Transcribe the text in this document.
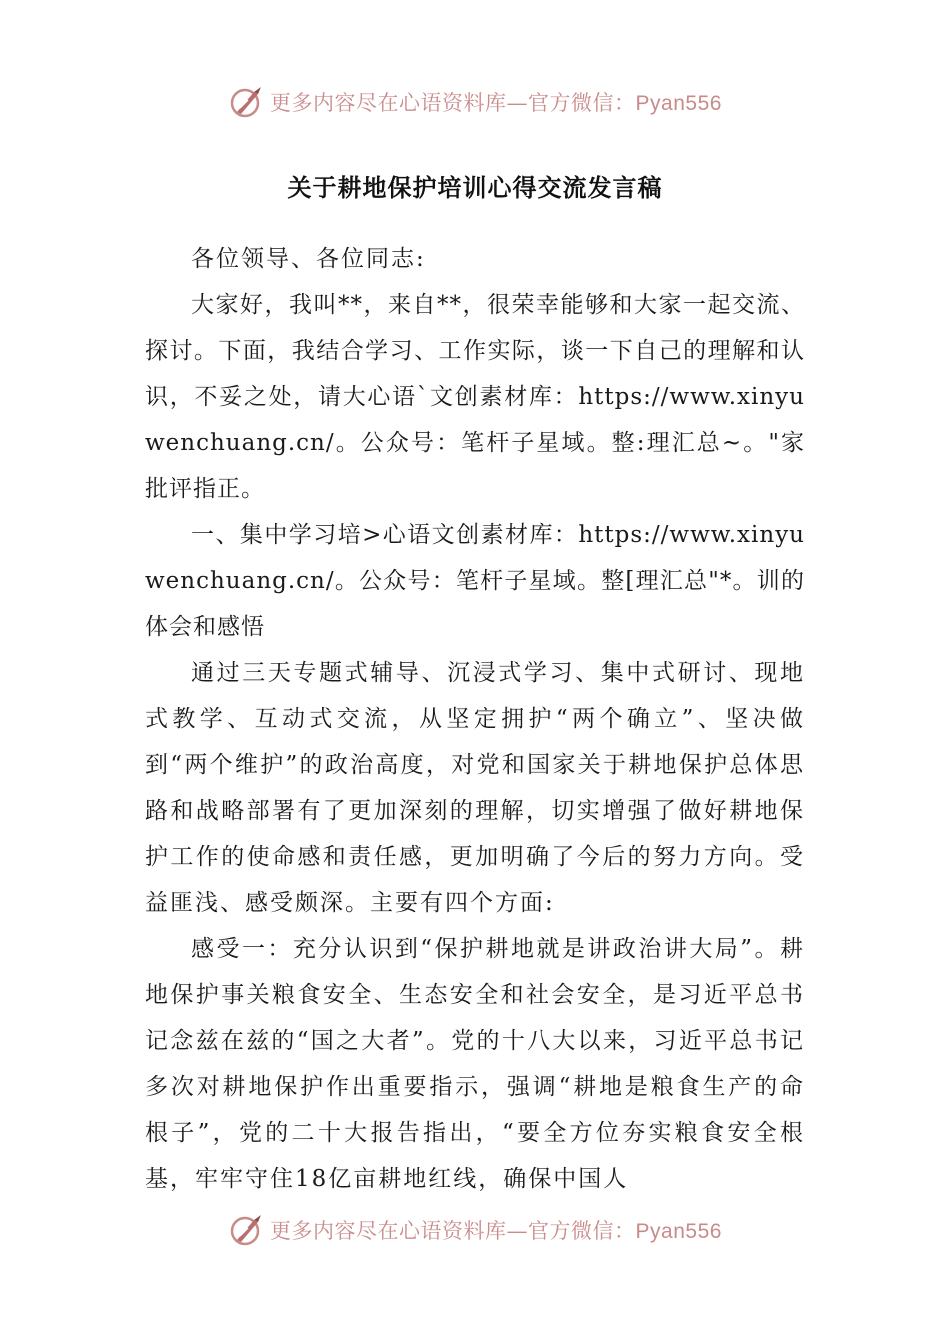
更多内容尽在心语资料库—官方微信：Pyan556
关于耕地保护培训心得交流发言稿

各位领导、各位同志:

大家好，我叫**，来自**，很荣幸能够和大家一起交流、探讨。下面，我结合学习、工作实际，谈一下自己的理解和认识，不妥之处，请大心语`文创素材库：https://www.xinyuwenchuang.cn/。公众号：笔杆子星域。整:理汇总~。"家批评指正。

一、集中学习培>心语文创素材库：https://www.xinyuwenchuang.cn/。公众号：笔杆子星域。整[理汇总"*。训的体会和感悟

通过三天专题式辅导、沉浸式学习、集中式研讨、现地式教学、互动式交流，从坚定拥护“两个确立”、坚决做到“两个维护”的政治高度，对党和国家关于耕地保护总体思路和战略部署有了更加深刻的理解，切实增强了做好耕地保护工作的使命感和责任感，更加明确了今后的努力方向。受益匪浅、感受颇深。主要有四个方面:

感受一：充分认识到“保护耕地就是讲政治讲大局”。耕地保护事关粮食安全、生态安全和社会安全，是习近平总书记念兹在兹的“国之大者”。党的十八大以来，习近平总书记多次对耕地保护作出重要指示，强调“耕地是粮食生产的命根子”，党的二十大报告指出，“要全方位夯实粮食安全根基，牢牢守住18亿亩耕地红线，确保中国人

更多内容尽在心语资料库—官方微信：Pyan556
